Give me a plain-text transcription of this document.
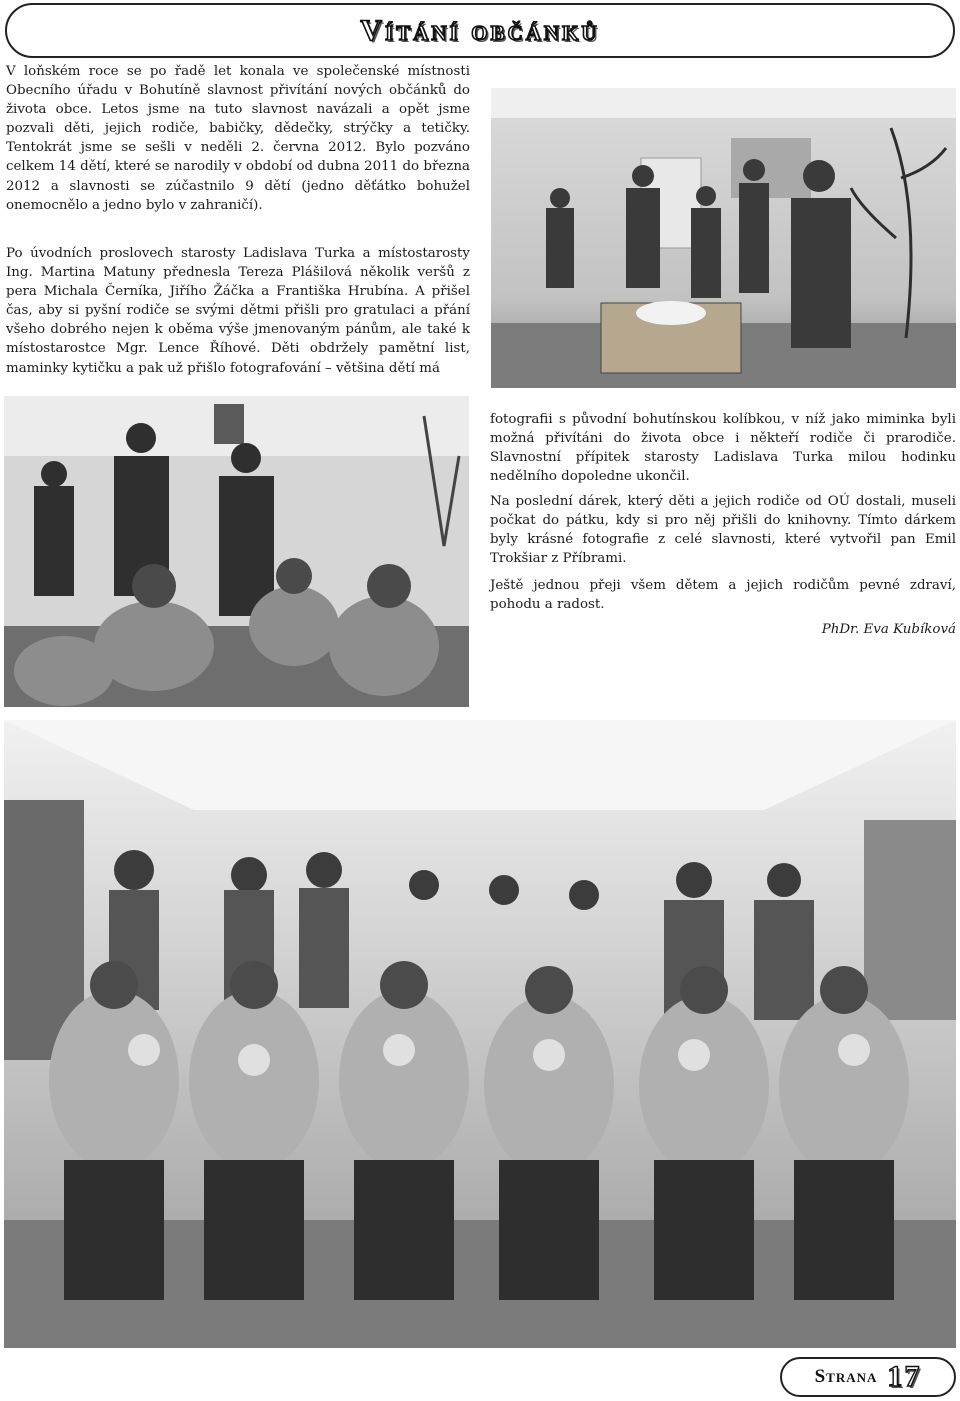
Vítání občánků

V loňském roce se po řadě let konala ve společenské místnosti Obecního úřadu v Bohutíně slavnost přivítání nových občánků do života obce. Letos jsme na tuto slavnost navázali a opět jsme pozvali děti, jejich rodiče, babičky, dědečky, strýčky a tetičky. Tentokrát jsme se sešli v neděli 2. června 2012. Bylo pozváno celkem 14 dětí, které se narodily v období od dubna 2011 do března 2012 a slavnosti se zúčastnilo 9 dětí (jedno děťátko bohužel onemocnělo a jedno bylo v zahraničí).

Po úvodních proslovech starosty Ladislava Turka a místostarosty Ing. Martina Matuny přednesla Tereza Plášilová několik veršů z pera Michala Černíka, Jiřího Žáčka a Františka Hrubína. A přišel čas, aby si pyšní rodiče se svými dětmi přišli pro gratulaci a přání všeho dobrého nejen k oběma výše jmenovaným pánům, ale také k místostarostce Mgr. Lence Říhové. Děti obdržely pamětní list, maminky kytičku a pak už přišlo fotografování – většina dětí má

fotografii s původní bohutínskou kolíbkou, v níž jako miminka byli možná přivítáni do života obce i někteří rodiče či prarodiče. Slavnostní přípitek starosty Ladislava Turka milou hodinku nedělního dopoledne ukončil.

Na poslední dárek, který děti a jejich rodiče od OÚ dostali, museli počkat do pátku, kdy si pro něj přišli do knihovny. Tímto dárkem byly krásné fotografie z celé slavnosti, které vytvořil pan Emil Trokšiar z Příbrami.

Ještě jednou přeji všem dětem a jejich rodičům pevné zdraví, pohodu a radost.

PhDr. Eva Kubíková

Strana 17
